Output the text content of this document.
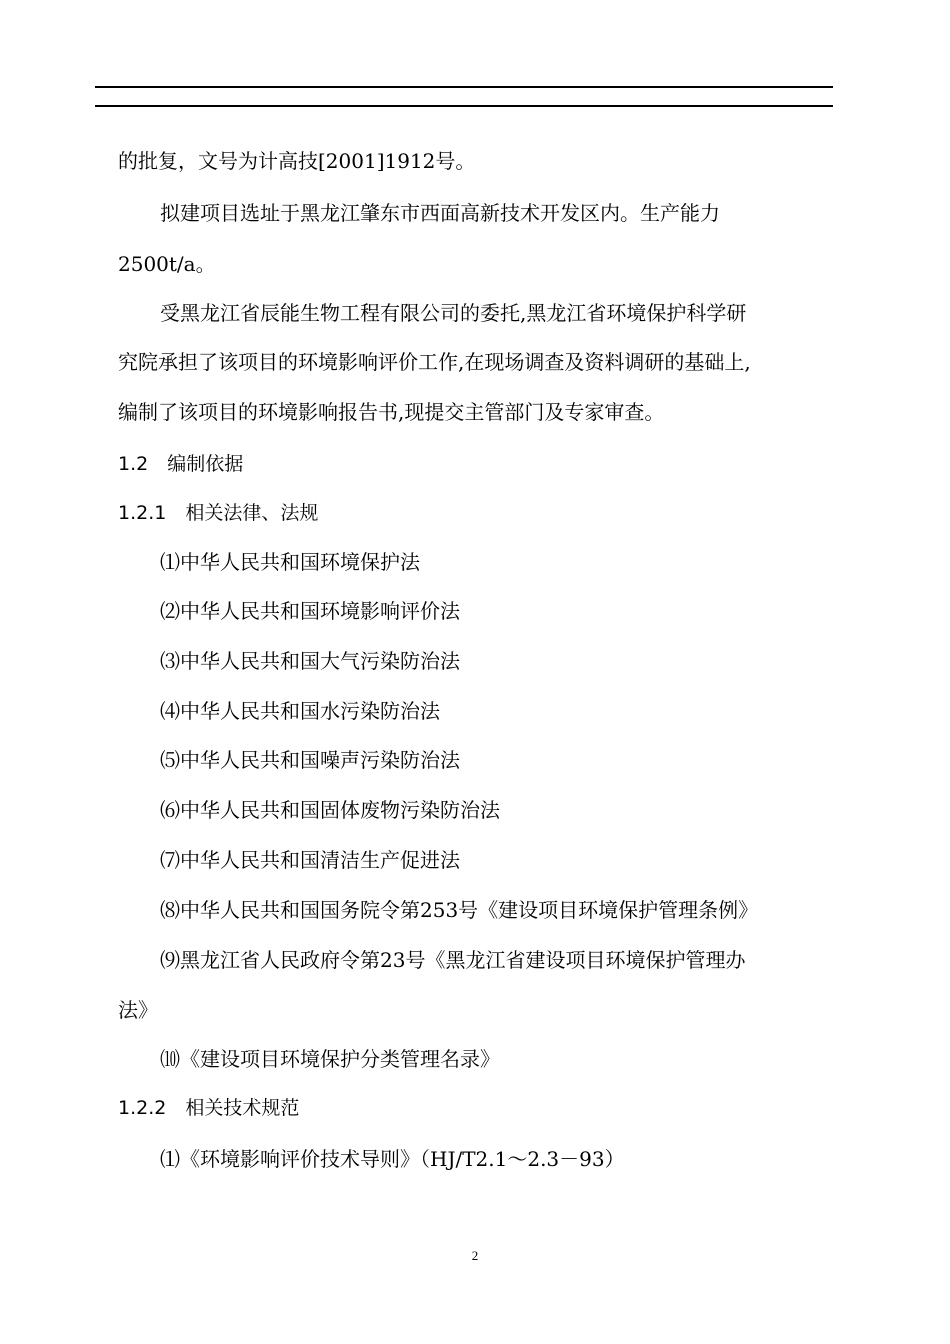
的批复，文号为计高技[2001]1912号。
拟建项目选址于黑龙江肇东市西面高新技术开发区内。生产能力
2500t/a。
受黑龙江省辰能生物工程有限公司的委托,黑龙江省环境保护科学研
究院承担了该项目的环境影响评价工作,在现场调查及资料调研的基础上,
编制了该项目的环境影响报告书,现提交主管部门及专家审查。
1.2　编制依据
1.2.1　相关法律、法规
⑴中华人民共和国环境保护法
⑵中华人民共和国环境影响评价法
⑶中华人民共和国大气污染防治法
⑷中华人民共和国水污染防治法
⑸中华人民共和国噪声污染防治法
⑹中华人民共和国固体废物污染防治法
⑺中华人民共和国清洁生产促进法
⑻中华人民共和国国务院令第253号《建设项目环境保护管理条例》
⑼黑龙江省人民政府令第23号《黑龙江省建设项目环境保护管理办
法》
⑽《建设项目环境保护分类管理名录》
1.2.2　相关技术规范
⑴《环境影响评价技术导则》（HJ/T2.1～2.3－93）
2
